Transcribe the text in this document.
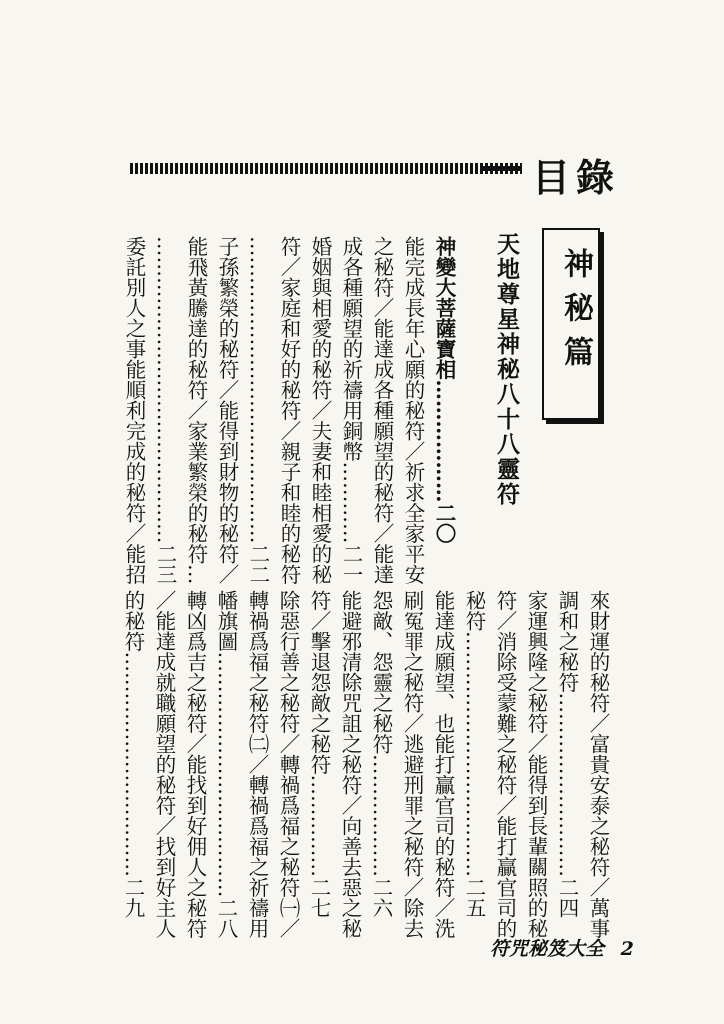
目錄
神秘篇
天地尊星神秘八十八靈符
神變大菩薩寶相………………二〇
能完成長年心願的秘符／祈求全家平安
之秘符／能達成各種願望的秘符／能達
成各種願望的祈禱用銅幣…………二一
婚姻與相愛的秘符／夫妻和睦相愛的秘
符／家庭和好的秘符／親子和睦的秘符
………………………………………二二
子孫繁榮的秘符／能得到財物的秘符／
能飛黃騰達的秘符／家業繁榮的秘符…
………………………………………二三
委託別人之事能順利完成的秘符／能招
來財運的秘符／富貴安泰之秘符／萬事
調和之秘符………………………二四
家運興隆之秘符／能得到長輩關照的秘
符／消除受蒙難之秘符／能打贏官司的
秘符………………………………二五
能達成願望、也能打贏官司的秘符／洗
刷冤罪之秘符／逃避刑罪之秘符／除去
怨敵、怨靈之秘符………………二六
能避邪清除咒詛之秘符／向善去惡之秘
符／擊退怨敵之秘符……………二七
除惡行善之秘符／轉禍爲福之秘符㈠／
轉禍爲福之秘符㈡／轉禍爲福之祈禱用
幡旗圖………………………………二八
轉凶爲吉之秘符／能找到好佣人之秘符
／能達成就職願望的秘符／找到好主人
的秘符……………………………二九
符咒秘笈大全 2
